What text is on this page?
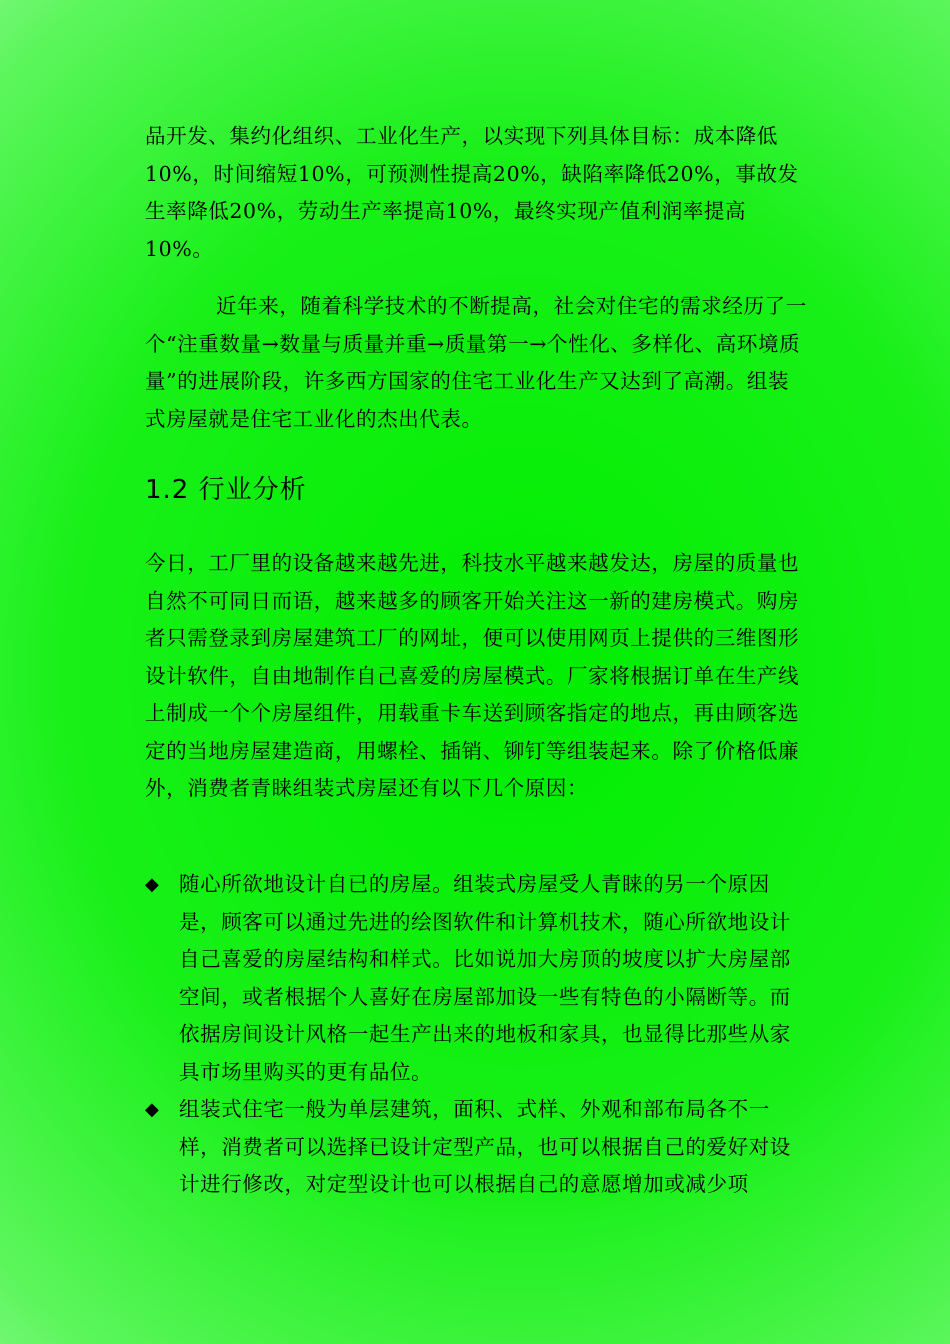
品开发、集约化组织、工业化生产，以实现下列具体目标：成本降低10%，时间缩短10%，可预测性提高20%，缺陷率降低20%，事故发生率降低20%，劳动生产率提高10%，最终实现产值利润率提高10%。

近年来，随着科学技术的不断提高，社会对住宅的需求经历了一个“注重数量→数量与质量并重→质量第一→个性化、多样化、高环境质量”的进展阶段，许多西方国家的住宅工业化生产又达到了高潮。组装式房屋就是住宅工业化的杰出代表。

1.2 行业分析

今日，工厂里的设备越来越先进，科技水平越来越发达，房屋的质量也自然不可同日而语，越来越多的顾客开始关注这一新的建房模式。购房者只需登录到房屋建筑工厂的网址，便可以使用网页上提供的三维图形设计软件，自由地制作自己喜爱的房屋模式。厂家将根据订单在生产线上制成一个个房屋组件，用载重卡车送到顾客指定的地点，再由顾客选定的当地房屋建造商，用螺栓、插销、铆钉等组装起来。除了价格低廉外，消费者青睐组装式房屋还有以下几个原因：

◆ 随心所欲地设计自已的房屋。组装式房屋受人青睐的另一个原因是，顾客可以通过先进的绘图软件和计算机技术，随心所欲地设计自己喜爱的房屋结构和样式。比如说加大房顶的坡度以扩大房屋部空间，或者根据个人喜好在房屋部加设一些有特色的小隔断等。而依据房间设计风格一起生产出来的地板和家具，也显得比那些从家具市场里购买的更有品位。
◆ 组装式住宅一般为单层建筑，面积、式样、外观和部布局各不一样，消费者可以选择已设计定型产品，也可以根据自己的爱好对设计进行修改，对定型设计也可以根据自己的意愿增加或减少项
